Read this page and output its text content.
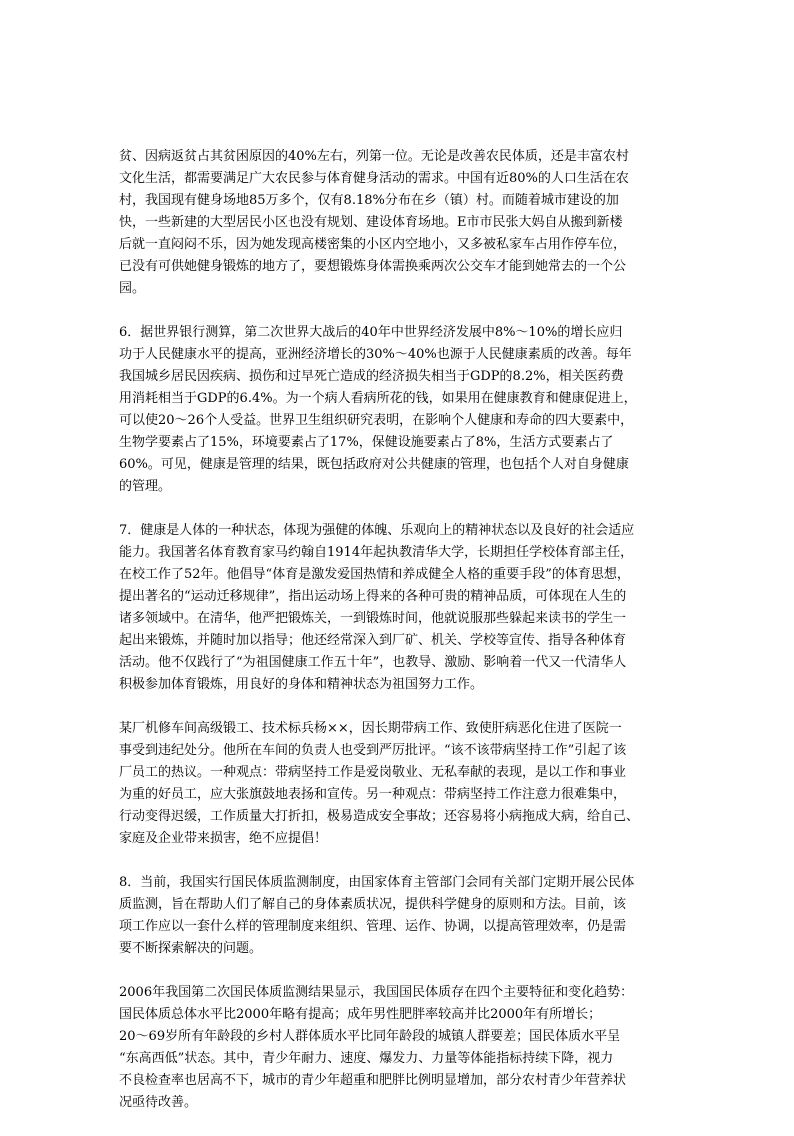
贫、因病返贫占其贫困原因的40%左右，列第一位。无论是改善农民体质，还是丰富农村
文化生活，都需要满足广大农民参与体育健身活动的需求。中国有近80%的人口生活在农
村，我国现有健身场地85万多个，仅有8.18%分布在乡（镇）村。而随着城市建设的加
快，一些新建的大型居民小区也没有规划、建设体育场地。E市市民张大妈自从搬到新楼
后就一直闷闷不乐，因为她发现高楼密集的小区内空地小，又多被私家车占用作停车位，
已没有可供她健身锻炼的地方了，要想锻炼身体需换乘两次公交车才能到她常去的一个公
园。
6．据世界银行测算，第二次世界大战后的40年中世界经济发展中8%～10%的增长应归
功于人民健康水平的提高，亚洲经济增长的30%～40%也源于人民健康素质的改善。每年
我国城乡居民因疾病、损伤和过早死亡造成的经济损失相当于GDP的8.2%，相关医药费
用消耗相当于GDP的6.4%。为一个病人看病所花的钱，如果用在健康教育和健康促进上，
可以使20～26个人受益。世界卫生组织研究表明，在影响个人健康和寿命的四大要素中，
生物学要素占了15%，环境要素占了17%，保健设施要素占了8%，生活方式要素占了
60%。可见，健康是管理的结果，既包括政府对公共健康的管理，也包括个人对自身健康
的管理。
7．健康是人体的一种状态，体现为强健的体魄、乐观向上的精神状态以及良好的社会适应
能力。我国著名体育教育家马约翰自1914年起执教清华大学，长期担任学校体育部主任，
在校工作了52年。他倡导“体育是激发爱国热情和养成健全人格的重要手段”的体育思想，
提出著名的“运动迁移规律”，指出运动场上得来的各种可贵的精神品质，可体现在人生的
诸多领域中。在清华，他严把锻炼关，一到锻炼时间，他就说服那些躲起来读书的学生一
起出来锻炼，并随时加以指导；他还经常深入到厂矿、机关、学校等宣传、指导各种体育
活动。他不仅践行了“为祖国健康工作五十年”，也教导、激励、影响着一代又一代清华人
积极参加体育锻炼，用良好的身体和精神状态为祖国努力工作。
某厂机修车间高级锻工、技术标兵杨××，因长期带病工作、致使肝病恶化住进了医院一
事受到违纪处分。他所在车间的负责人也受到严厉批评。“该不该带病坚持工作”引起了该
厂员工的热议。一种观点：带病坚持工作是爱岗敬业、无私奉献的表现，是以工作和事业
为重的好员工，应大张旗鼓地表扬和宣传。另一种观点：带病坚持工作注意力很难集中，
行动变得迟缓，工作质量大打折扣，极易造成安全事故；还容易将小病拖成大病，给自己、
家庭及企业带来损害，绝不应提倡！
8．当前，我国实行国民体质监测制度，由国家体育主管部门会同有关部门定期开展公民体
质监测，旨在帮助人们了解自己的身体素质状况，提供科学健身的原则和方法。目前，该
项工作应以一套什么样的管理制度来组织、管理、运作、协调，以提高管理效率，仍是需
要不断探索解决的问题。
2006年我国第二次国民体质监测结果显示，我国国民体质存在四个主要特征和变化趋势：
国民体质总体水平比2000年略有提高；成年男性肥胖率较高并比2000年有所增长；
20～69岁所有年龄段的乡村人群体质水平比同年龄段的城镇人群要差；国民体质水平呈
“东高西低”状态。其中，青少年耐力、速度、爆发力、力量等体能指标持续下降，视力
不良检查率也居高不下，城市的青少年超重和肥胖比例明显增加，部分农村青少年营养状
况亟待改善。
